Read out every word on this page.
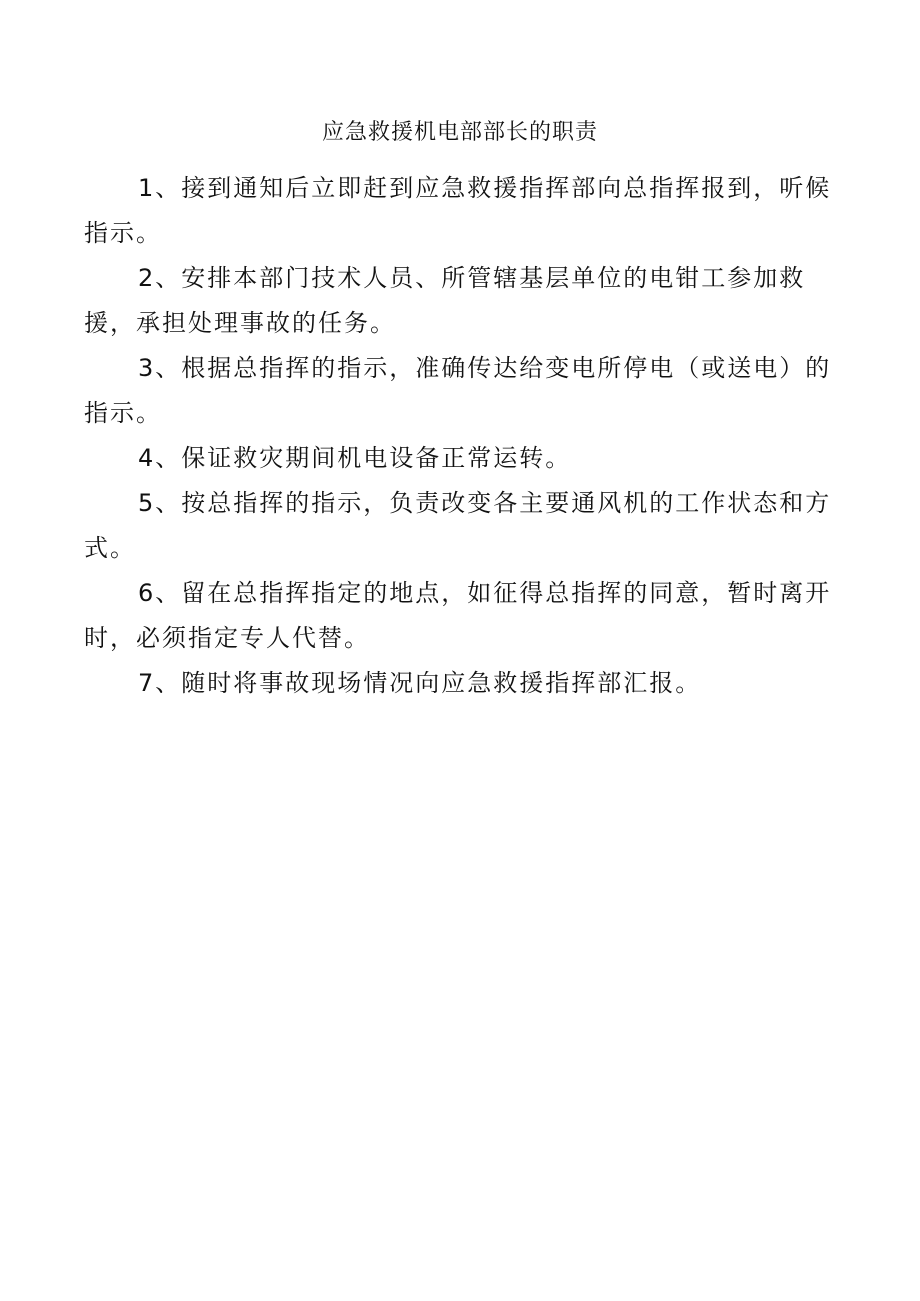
应急救援机电部部长的职责
1、接到通知后立即赶到应急救援指挥部向总指挥报到，听候指示。
2、安排本部门技术人员、所管辖基层单位的电钳工参加救援，承担处理事故的任务。
3、根据总指挥的指示，准确传达给变电所停电（或送电）的指示。
4、保证救灾期间机电设备正常运转。
5、按总指挥的指示，负责改变各主要通风机的工作状态和方式。
6、留在总指挥指定的地点，如征得总指挥的同意，暂时离开时，必须指定专人代替。
7、随时将事故现场情况向应急救援指挥部汇报。
